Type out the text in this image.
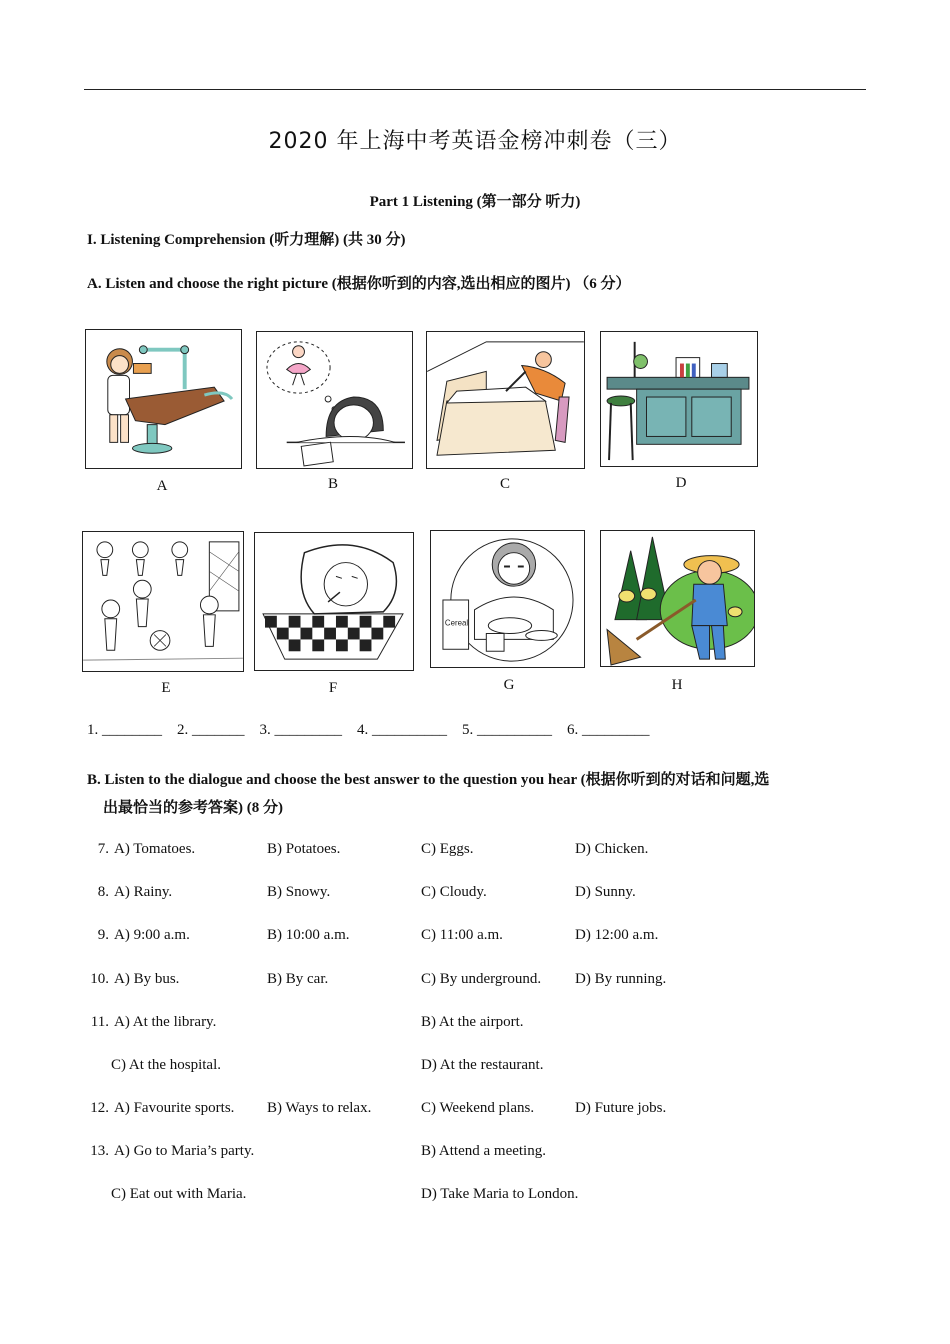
2020 年上海中考英语金榜冲刺卷（三）
Part 1 Listening (第一部分 听力)
I. Listening Comprehension (听力理解) (共 30 分)
A. Listen and choose the right picture (根据你听到的内容,选出相应的图片) （6 分）
A	B	C	D
E	F
Cereal
G	H
1. ________    2. _______    3. _________    4. __________    5. __________    6. _________
B. Listen to the dialogue and choose the best answer to the question you hear (根据你听到的对话和问题,选
出最恰当的参考答案) (8 分)
7. A) Tomatoes.	B) Potatoes.	C) Eggs.	D) Chicken.
8. A) Rainy.	B) Snowy.	C) Cloudy.	D) Sunny.
9. A) 9:00 a.m.	B) 10:00 a.m.	C) 11:00 a.m.	D) 12:00 a.m.
10. A) By bus.	B) By car.	C) By underground. D) By running.
11. A) At the library.	B) At the airport.
C) At the hospital.	D) At the restaurant.
12. A) Favourite sports. B) Ways to relax.	C) Weekend plans.	D) Future jobs.
13. A) Go to Maria’s party.	B) Attend a meeting.
C) Eat out with Maria.	D) Take Maria to London.
